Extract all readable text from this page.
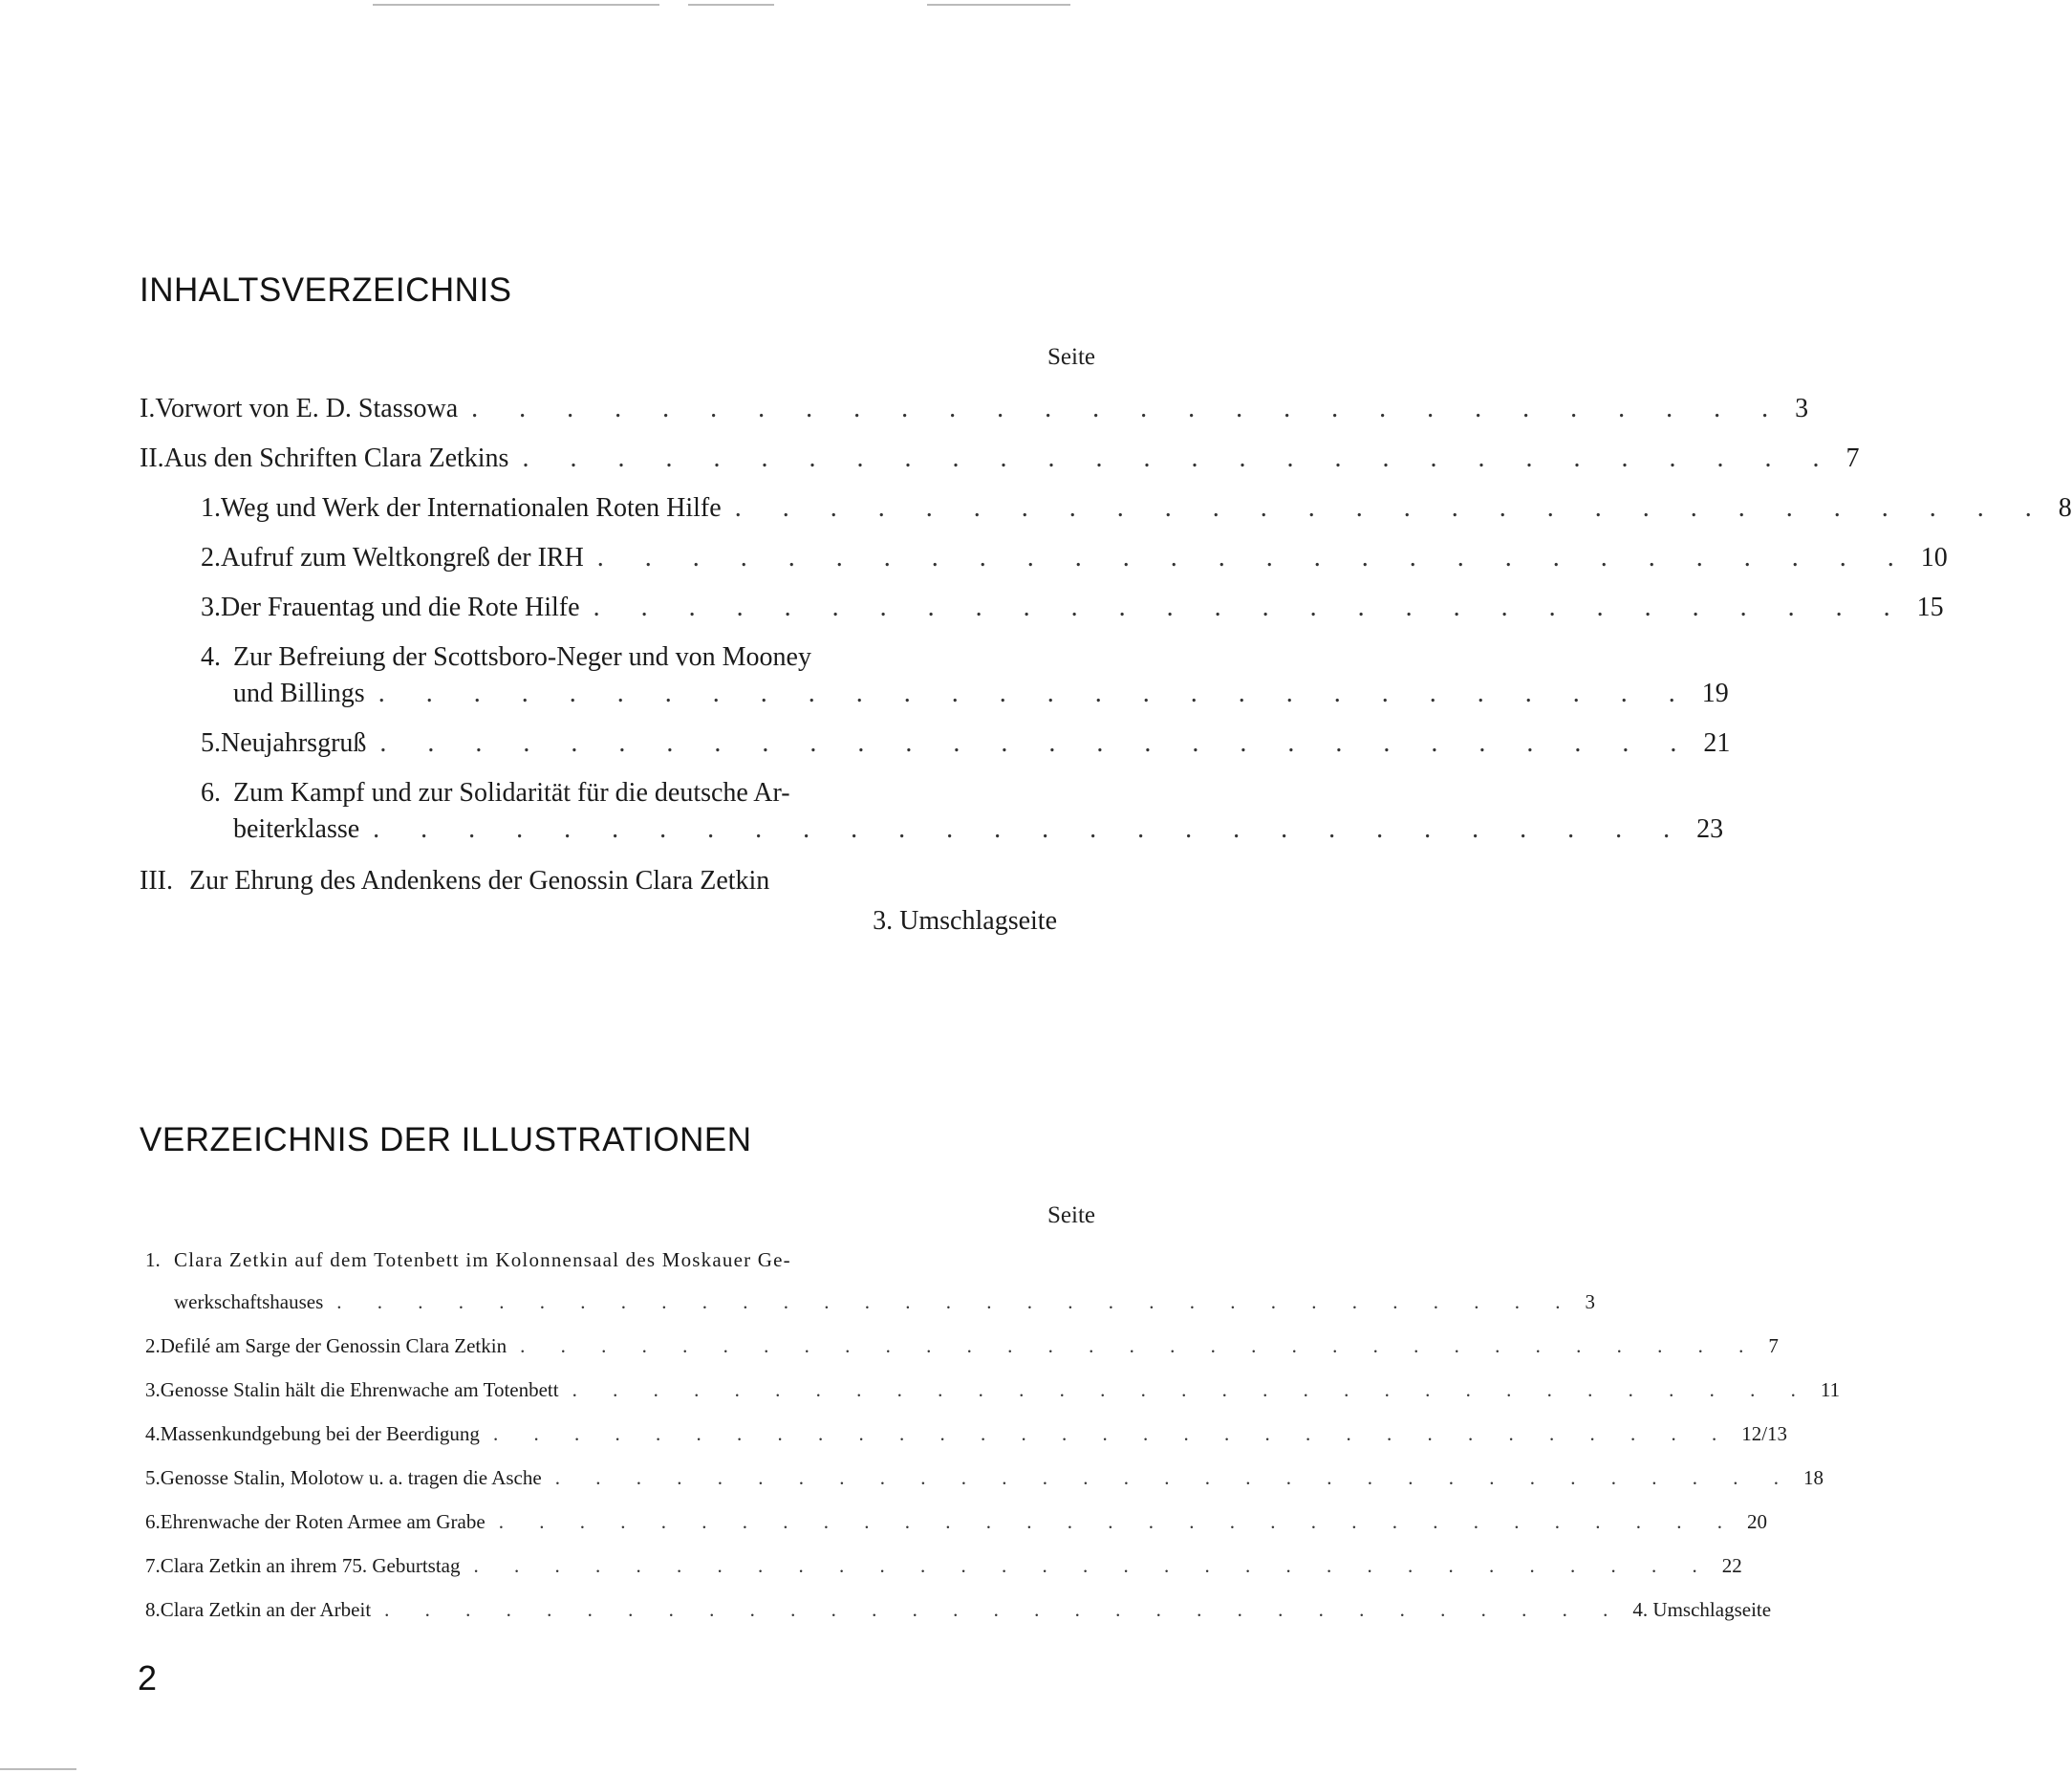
INHALTSVERZEICHNIS
Seite
I. Vorwort von E. D. Stassowa . . . . . . . . . . . . . . . . . . . . . . . . . . . . 3
II. Aus den Schriften Clara Zetkins . . . . . . . . . . . . . . . . . . . . . . . . . . . . 7
1. Weg und Werk der Internationalen Roten Hilfe . . . . . . . . . . . . . . . . . . . . . . . . . . . . 8
2. Aufruf zum Weltkongreß der IRH . . . . . . . . . . . . . . . . . . . . . . . . . . . . 10
3. Der Frauentag und die Rote Hilfe . . . . . . . . . . . . . . . . . . . . . . . . . . . . 15
4. Zur Befreiung der Scottsboro-Neger und von Mooney
und Billings . . . . . . . . . . . . . . . . . . . . . . . . . . . . 19
5. Neujahrsgruß . . . . . . . . . . . . . . . . . . . . . . . . . . . . 21
6. Zum Kampf und zur Solidarität für die deutsche Ar-
beiterklasse . . . . . . . . . . . . . . . . . . . . . . . . . . . . 23
III. Zur Ehrung des Andenkens der Genossin Clara Zetkin
3. Umschlagseite
VERZEICHNIS DER ILLUSTRATIONEN
Seite
1. Clara Zetkin auf dem Totenbett im Kolonnensaal des Moskauer Ge-
werkschaftshauses . . . . . . . . . . . . . . . . . . . . . . . . . . . . . . . 3
2. Defilé am Sarge der Genossin Clara Zetkin . . . . . . . . . . . . . . . . . . . . . . . . . . . . . . . 7
3. Genosse Stalin hält die Ehrenwache am Totenbett . . . . . . . . . . . . . . . . . . . . . . . . . . . . . . . 11
4. Massenkundgebung bei der Beerdigung . . . . . . . . . . . . . . . . . . . . . . . . . . . . . . . 12/13
5. Genosse Stalin, Molotow u. a. tragen die Asche . . . . . . . . . . . . . . . . . . . . . . . . . . . . . . . 18
6. Ehrenwache der Roten Armee am Grabe . . . . . . . . . . . . . . . . . . . . . . . . . . . . . . . 20
7. Clara Zetkin an ihrem 75. Geburtstag . . . . . . . . . . . . . . . . . . . . . . . . . . . . . . . 22
8. Clara Zetkin an der Arbeit . . . . . . . . . . . . . . . . . . . . . . . . . . . . . . . 4. Umschlagseite
2
